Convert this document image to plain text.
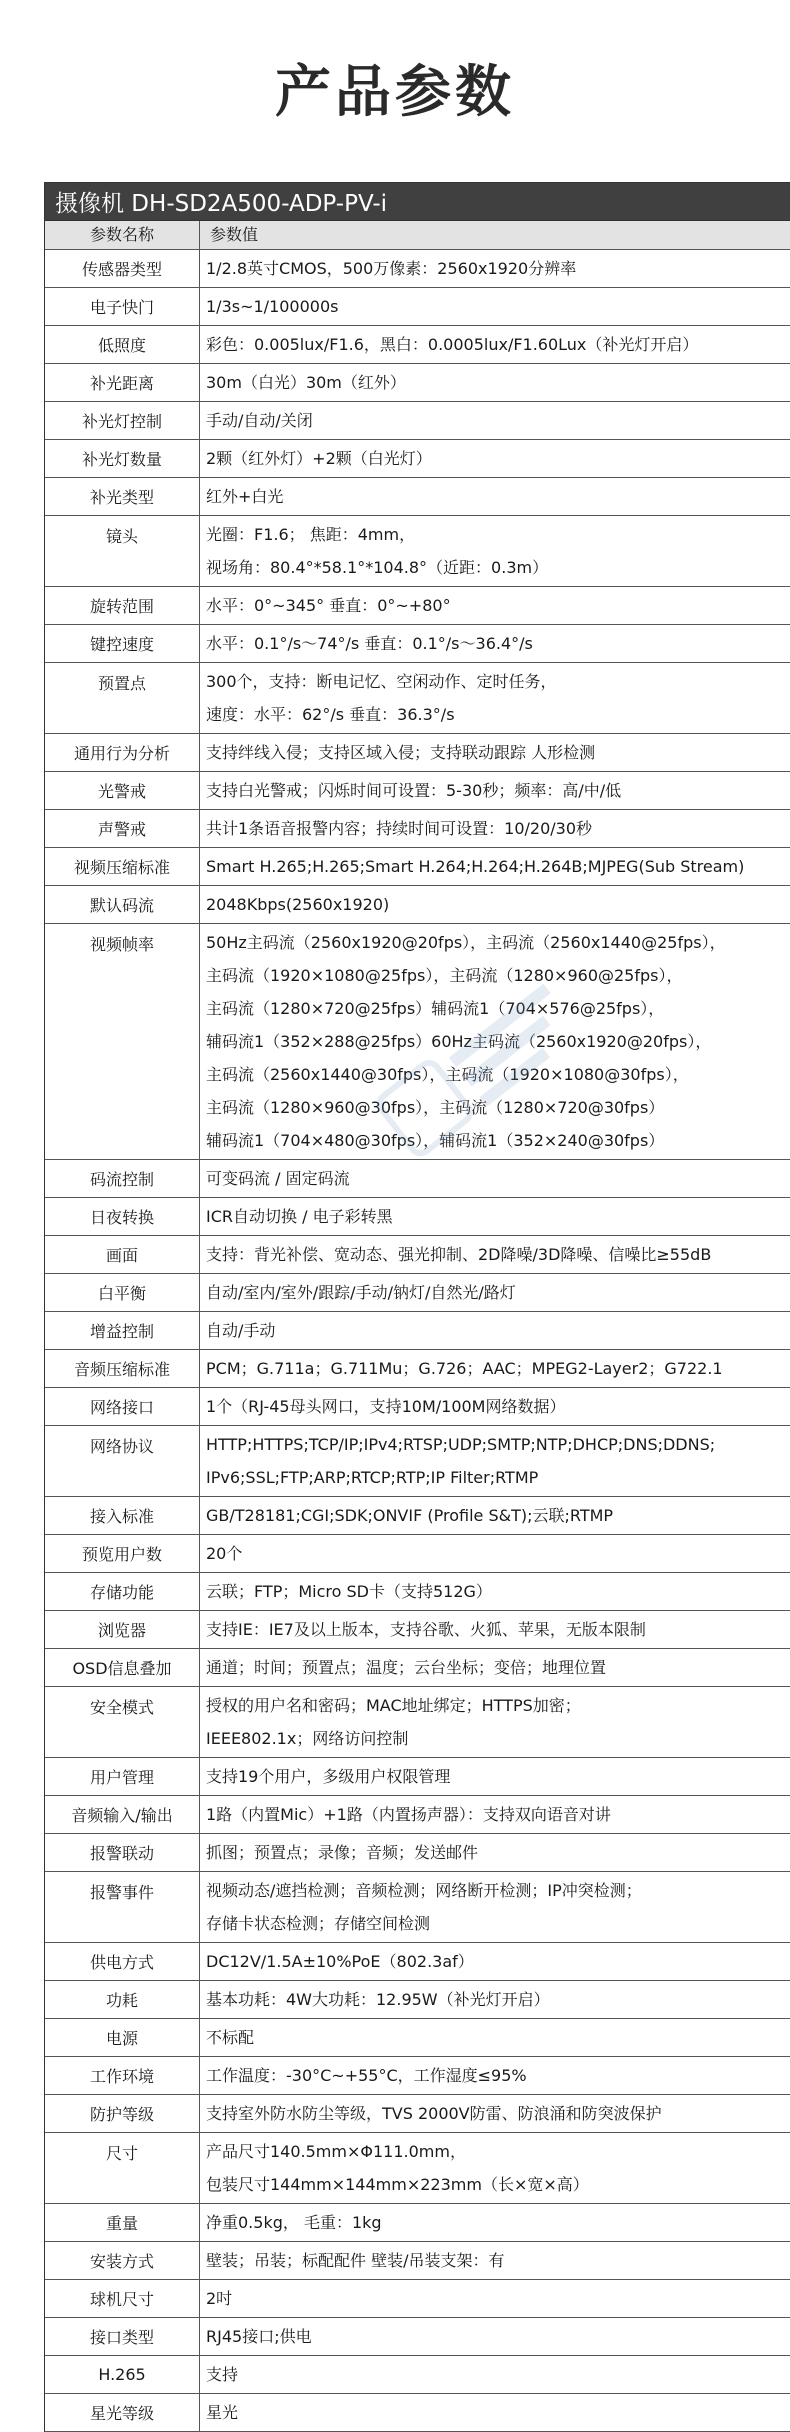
产品参数
摄像机 DH-SD2A500-ADP-PV-i
参数名称	参数值
传感器类型	1/2.8英寸CMOS，500万像素：2560x1920分辨率
电子快门	1/3s~1/100000s
低照度	彩色：0.005lux/F1.6，黑白：0.0005lux/F1.60Lux（补光灯开启）
补光距离	30m（白光）30m（红外）
补光灯控制	手动/自动/关闭
补光灯数量	2颗（红外灯）+2颗（白光灯）
补光类型	红外+白光
镜头	光圈：F1.6； 焦距：4mm，
视场角：80.4°*58.1°*104.8°（近距：0.3m）
旋转范围	水平：0°~345° 垂直：0°~+80°
键控速度	水平：0.1°/s～74°/s 垂直：0.1°/s～36.4°/s
预置点	300个，支持：断电记忆、空闲动作、定时任务，
速度：水平：62°/s 垂直：36.3°/s
通用行为分析	支持绊线入侵；支持区域入侵；支持联动跟踪 人形检测
光警戒	支持白光警戒；闪烁时间可设置：5-30秒；频率：高/中/低
声警戒	共计1条语音报警内容；持续时间可设置：10/20/30秒
视频压缩标准	Smart H.265;H.265;Smart H.264;H.264;H.264B;MJPEG(Sub Stream)
默认码流	2048Kbps(2560x1920)
视频帧率	50Hz主码流（2560x1920@20fps），主码流（2560x1440@25fps），
主码流（1920×1080@25fps），主码流（1280×960@25fps），
主码流（1280×720@25fps）辅码流1（704×576@25fps），
辅码流1（352×288@25fps）60Hz主码流（2560x1920@20fps），
主码流（2560x1440@30fps），主码流（1920×1080@30fps），
主码流（1280×960@30fps），主码流（1280×720@30fps）
辅码流1（704×480@30fps），辅码流1（352×240@30fps）
码流控制	可变码流 / 固定码流
日夜转换	ICR自动切换 / 电子彩转黑
画面	支持：背光补偿、宽动态、强光抑制、2D降噪/3D降噪、信噪比≥55dB
白平衡	自动/室内/室外/跟踪/手动/钠灯/自然光/路灯
增益控制	自动/手动
音频压缩标准	PCM；G.711a；G.711Mu；G.726；AAC；MPEG2-Layer2；G722.1
网络接口	1个（RJ-45母头网口，支持10M/100M网络数据）
网络协议	HTTP;HTTPS;TCP/IP;IPv4;RTSP;UDP;SMTP;NTP;DHCP;DNS;DDNS;
IPv6;SSL;FTP;ARP;RTCP;RTP;IP Filter;RTMP
接入标准	GB/T28181;CGI;SDK;ONVIF (Profile S&T);云联;RTMP
预览用户数	20个
存储功能	云联；FTP；Micro SD卡（支持512G）
浏览器	支持IE：IE7及以上版本，支持谷歌、火狐、苹果，无版本限制
OSD信息叠加	通道；时间；预置点；温度；云台坐标；变倍；地理位置
安全模式	授权的用户名和密码；MAC地址绑定；HTTPS加密；
IEEE802.1x；网络访问控制
用户管理	支持19个用户，多级用户权限管理
音频输入/输出	1路（内置Mic）+1路（内置扬声器）：支持双向语音对讲
报警联动	抓图；预置点；录像；音频；发送邮件
报警事件	视频动态/遮挡检测；音频检测；网络断开检测；IP冲突检测；
存储卡状态检测；存储空间检测
供电方式	DC12V/1.5A±10%PoE（802.3af）
功耗	基本功耗：4W大功耗：12.95W（补光灯开启）
电源	不标配
工作环境	工作温度：-30°C~+55°C，工作湿度≤95%
防护等级	支持室外防水防尘等级，TVS 2000V防雷、防浪涌和防突波保护
尺寸	产品尺寸140.5mm×Φ111.0mm，
包装尺寸144mm×144mm×223mm（长×宽×高）
重量	净重0.5kg， 毛重：1kg
安装方式	壁装；吊装；标配配件 壁装/吊装支架：有
球机尺寸	2吋
接口类型	RJ45接口;供电
H.265	支持
星光等级	星光
